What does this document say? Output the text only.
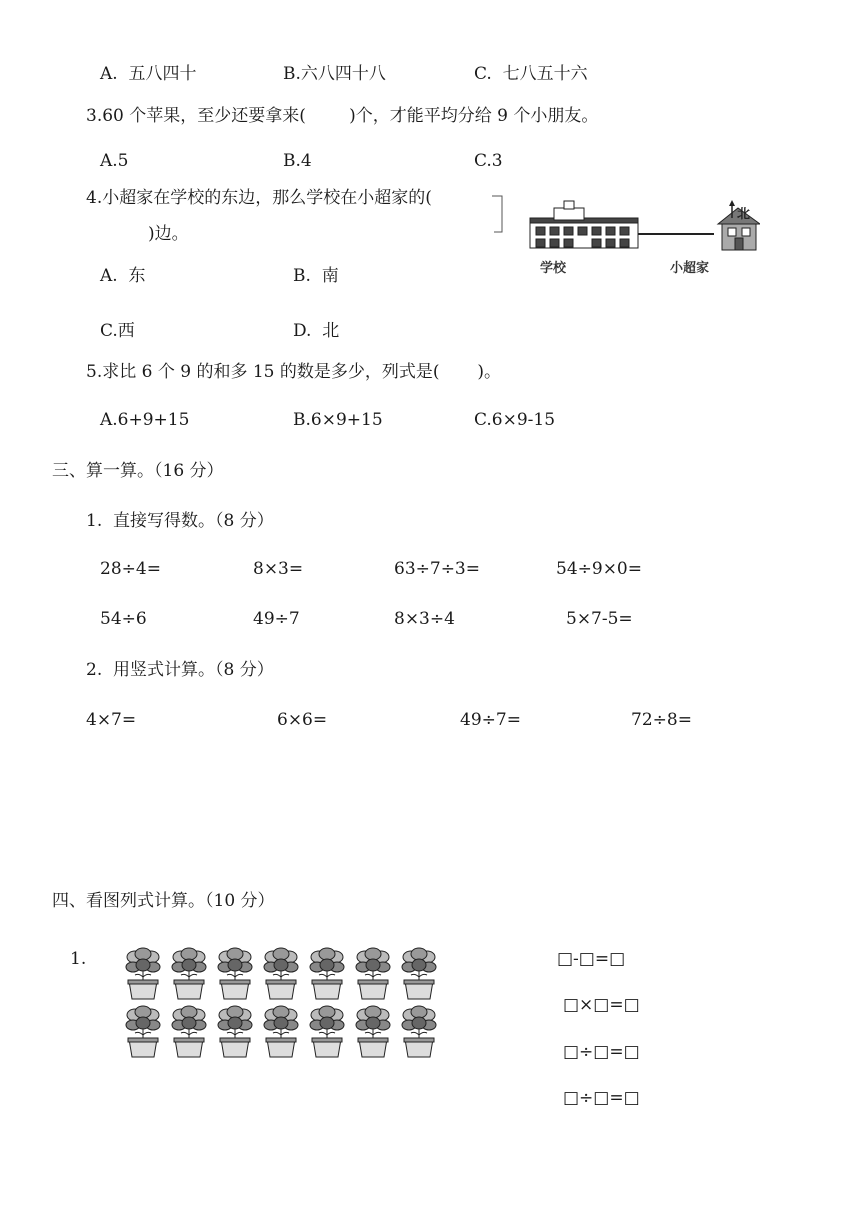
A.  五八四十	B.六八四十八	C.  七八五十六
3.60 个苹果，至少还要拿来(        )个，才能平均分给 9 个小朋友。
A.5	B.4	C.3
4.小超家在学校的东边，那么学校在小超家的(
)边。
北
学校	小超家
A.  东	B.  南
C.西	D.  北
5.求比 6 个 9 的和多 15 的数是多少，列式是(       )。
A.6+9+15	B.6×9+15	C.6×9-15
三、算一算。（16 分）
1.  直接写得数。（8 分）
28÷4=	8×3=	63÷7÷3=	54÷9×0=
54÷6	49÷7	8×3÷4	5×7-5=
2.  用竖式计算。（8 分）
4×7=	6×6=	49÷7=	72÷8=
四、看图列式计算。（10 分）
1.	□-□=□
□×□=□
□÷□=□
□÷□=□
